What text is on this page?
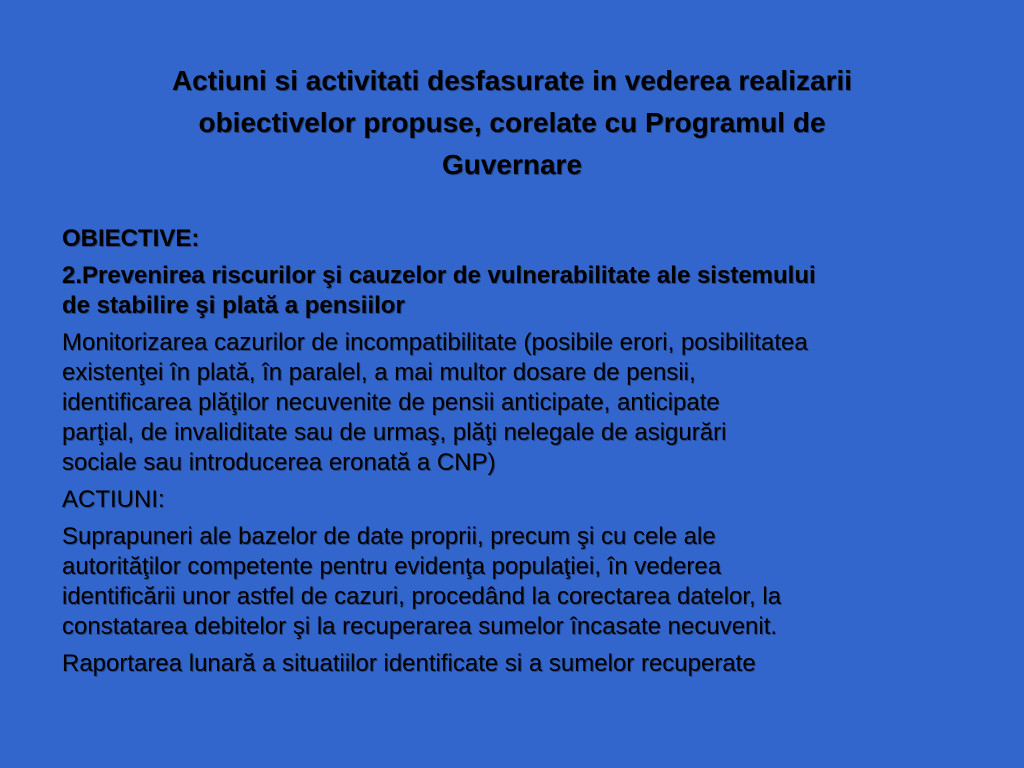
Actiuni si activitati desfasurate in vederea realizarii
obiectivelor propuse, corelate cu Programul de
Guvernare

OBIECTIVE:

2.Prevenirea riscurilor şi cauzelor de vulnerabilitate ale sistemului
de stabilire şi plată a pensiilor

Monitorizarea cazurilor de incompatibilitate (posibile erori, posibilitatea
existenţei în plată, în paralel, a mai multor dosare de pensii,
identificarea plăţilor necuvenite de pensii anticipate, anticipate
parţial, de invaliditate sau de urmaş, plăţi nelegale de asigurări
sociale sau introducerea eronată a CNP)

ACTIUNI:

Suprapuneri ale bazelor de date proprii, precum şi cu cele ale
autorităţilor competente pentru evidenţa populaţiei, în vederea
identificării unor astfel de cazuri, procedând la corectarea datelor, la
constatarea debitelor şi la recuperarea sumelor încasate necuvenit.

Raportarea lunară a situatiilor identificate si a sumelor recuperate
